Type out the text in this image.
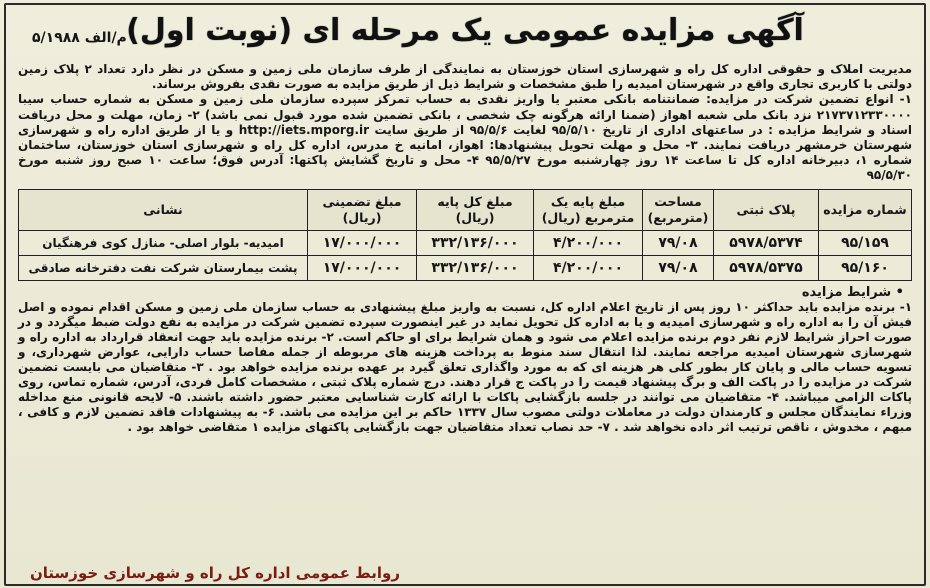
آگهی مزایده عمومی یک مرحله ای (نوبت اول)
م/الف ۵/۱۹۸۸

مدیریت املاک و حقوقی اداره کل راه و شهرسازی استان خوزستان به نمایندگی از طرف سازمان ملی زمین و مسکن در نظر دارد تعداد ۲ پلاک زمین دولتی با کاربری تجاری واقع در شهرستان امیدیه را طبق مشخصات و شرایط ذیل از طریق مزایده به صورت نقدی بفروش برساند.

۱- انواع تضمین شرکت در مزایده: ضمانتنامه بانکی معتبر یا واریز نقدی به حساب تمرکز سپرده سازمان ملی زمین و مسکن به شماره حساب سیبا ۲۱۷۳۷۱۲۳۳۰۰۰۰ نزد بانک ملی شعبه اهواز (ضمنا ارائه هرگونه چک شخصی ، بانکی تضمین شده مورد قبول نمی باشد) ۲- زمان، مهلت و محل دریافت اسناد و شرایط مزایده : در ساعتهای اداری از تاریخ ۹۵/۵/۱۰ لغایت ۹۵/۵/۶ از طریق سایت http://iets.mporg.ir و یا از طریق اداره راه و شهرسازی شهرستان خرمشهر دریافت نمایند. ۳- محل و مهلت تحویل پیشنهادها: اهواز، امانیه خ مدرس، اداره کل راه و شهرسازی استان خوزستان، ساختمان شماره ۱، دبیرخانه اداره کل تا ساعت ۱۴ روز چهارشنبه مورخ ۹۵/۵/۲۷ ۴- محل و تاریخ گشایش پاکتها: آدرس فوق؛ ساعت ۱۰ صبح روز شنبه مورخ ۹۵/۵/۳۰

شماره مزایده	پلاک ثبتی	مساحت (مترمربع)	مبلغ پایه یک مترمربع (ریال)	مبلغ کل پایه (ریال)	مبلغ تضمینی (ریال)	نشانی
۹۵/۱۵۹	۵۹۷۸/۵۳۷۴	۷۹/۰۸	۴/۲۰۰/۰۰۰	۳۳۲/۱۳۶/۰۰۰	۱۷/۰۰۰/۰۰۰	امیدیه- بلوار اصلی- منازل کوی فرهنگیان
۹۵/۱۶۰	۵۹۷۸/۵۳۷۵	۷۹/۰۸	۴/۲۰۰/۰۰۰	۳۳۲/۱۳۶/۰۰۰	۱۷/۰۰۰/۰۰۰	پشت بیمارستان شرکت نفت دفترخانه صادقی
• شرایط مزایده
۱- برنده مزایده باید حداکثر ۱۰ روز پس از تاریخ اعلام اداره کل، نسبت به واریز مبلغ پیشنهادی به حساب سازمان ملی زمین و مسکن اقدام نموده و اصل فیش آن را به اداره راه و شهرسازی امیدیه و یا به اداره کل تحویل نماید در غیر اینصورت سپرده تضمین شرکت در مزایده به نفع دولت ضبط میگردد و در صورت احراز شرایط لازم نفر دوم برنده مزایده اعلام می شود و همان شرایط برای او حاکم است. ۲- برنده مزایده باید جهت انعقاد قرارداد به اداره راه و شهرسازی شهرستان امیدیه مراجعه نمایند. لذا انتقال سند منوط به پرداخت هزینه های مربوطه از جمله مفاصا حساب دارایی، عوارض شهرداری، و تسویه حساب مالی و پایان کار بطور کلی هر هزینه ای که به مورد واگذاری تعلق گیرد بر عهده برنده مزایده خواهد بود . ۳- متقاضیان می بایست تضمین شرکت در مزایده را در پاکت الف و برگ پیشنهاد قیمت را در پاکت ج قرار دهند. درج شماره پلاک ثبتی ، مشخصات کامل فردی، آدرس، شماره تماس، روی پاکات الزامی میباشد. ۴- متقاضیان می توانند در جلسه بازگشایی پاکات با ارائه کارت شناسایی معتبر حضور داشته باشند. ۵- لایحه قانونی منع مداخله وزراء نمایندگان مجلس و کارمندان دولت در معاملات دولتی مصوب سال ۱۳۳۷ حاکم بر این مزایده می باشد. ۶- به پیشنهادات فاقد تضمین لازم و کافی ، مبهم ، مخدوش ، ناقص ترتیب اثر داده نخواهد شد . ۷- حد نصاب تعداد متقاضیان جهت بازگشایی پاکتهای مزایده ۱ متقاضی خواهد بود .
روابط عمومی اداره کل راه و شهرسازی خوزستان
